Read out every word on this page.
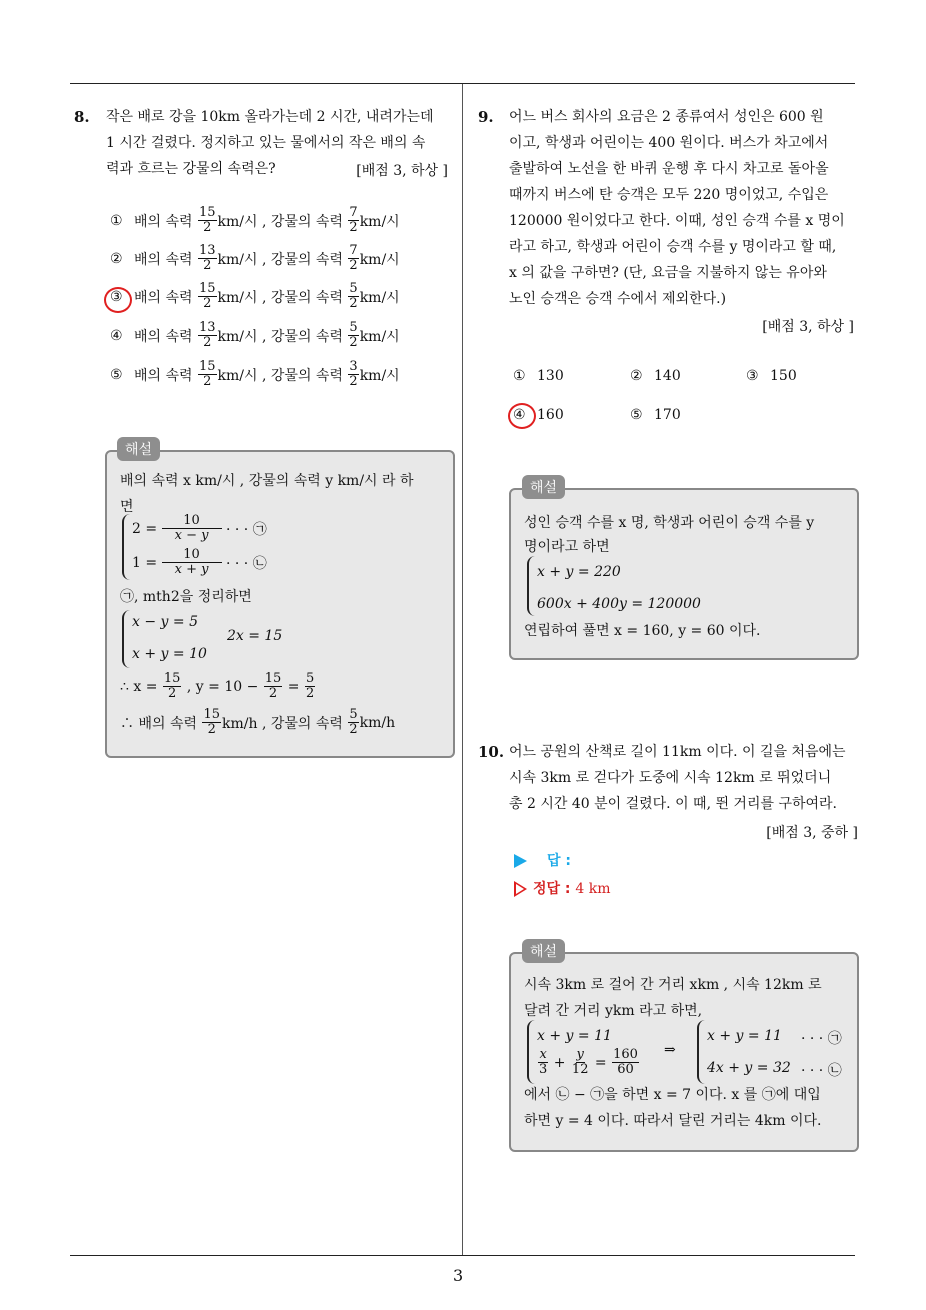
8. 작은 배로 강을 10km 올라가는데 2 시간, 내려가는데
1 시간 걸렸다. 정지하고 있는 물에서의 작은 배의 속
력과 흐르는 강물의 속력은?	[배점 3, 하상 ]
① 배의 속력
$\frac{15}{2} km/$시 , 강물의 속력
$\frac{7}{2} km/$시
② 배의 속력
$\frac{13}{2} km/$시 , 강물의 속력
$\frac{7}{2} km/$시
③ 배의 속력
$\frac{15}{2} km/$시 , 강물의 속력
$\frac{5}{2} km/$시
④ 배의 속력
$\frac{13}{2} km/$시 , 강물의 속력
$\frac{5}{2} km/$시
⑤ 배의 속력
$\frac{15}{2} km/$시 , 강물의 속력
$\frac{3}{2} km/$시
배의 속력 x km/시 , 강물의 속력 y km/시 라 하
면
2 =
$\frac{10}{x - y}$
· · · ㉠
1 =
$\frac{10}{x + y}$
· · · ㉡
㉠, mth2을 정리하면
x − y = 5
2x = 15
x + y = 10
∴ x =
$\frac{15}{2}$
, y = 10 −
$\frac{15}{2}$
=
$\frac{5}{2}$
∴ 배의 속력
$\frac{15}{2} km/h$ , 강물의 속력
$\frac{5}{2} km/h$
해설
9. 어느 버스 회사의 요금은 2 종류여서 성인은 600 원
이고, 학생과 어린이는 400 원이다. 버스가 차고에서
출발하여 노선을 한 바퀴 운행 후 다시 차고로 돌아올
때까지 버스에 탄 승객은 모두 220 명이었고, 수입은
120000 원이었다고 한다. 이때, 성인 승객 수를 x 명이
라고 하고, 학생과 어린이 승객 수를 y 명이라고 할 때,
x 의 값을 구하면? (단, 요금을 지불하지 않는 유아와
노인 승객은 승객 수에서 제외한다.)
[배점 3, 하상 ]
① 130	② 140	③ 150
④ 160	⑤ 170
성인 승객 수를 x 명, 학생과 어린이 승객 수를 y
명이라고 하면
x + y = 220
600x + 400y = 120000
연립하여 풀면 x = 160, y = 60 이다.
해설
10. 어느 공원의 산책로 길이 11km 이다. 이 길을 처음에는
시속 3km 로 걷다가 도중에 시속 12km 로 뛰었더니
총 2 시간 40 분이 걸렸다. 이 때, 뛴 거리를 구하여라.
[배점 3, 중하 ]
답 :
정답 : 4 km
시속 3km 로 걸어 간 거리 xkm , 시속 12km 로
달려 간 거리 ykm 라고 하면,
x + y = 11
$\frac{x}{3}$
+
$\frac{y}{12}$
=
$\frac{160}{60}$ ⇒
x + y = 11 · · · ㉠
4x + y = 32 · · · ㉡
에서 ㉡ − ㉠을 하면 x = 7 이다. x 를 ㉠에 대입
하면 y = 4 이다. 따라서 달린 거리는 4km 이다.
해설
3
